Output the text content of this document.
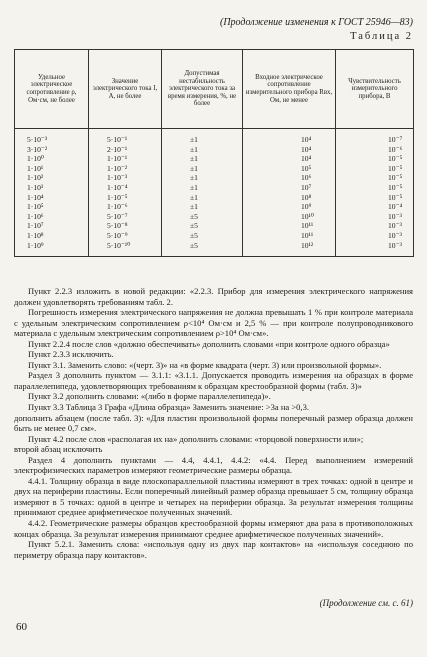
(Продолжение изменения к ГОСТ 25946—83)
Таблица 2
Удельное электрическое сопротивление ρ, Ом·см, не более	Значение электрического тока I, А, не более	Допустимая нестабильность электрического тока за время измерения, %, не более	Входное электрическое сопротивление измерительного прибора Rвх, Ом, не менее	Чувствительность измерительного прибора, В
5·10⁻³	5·10⁻¹	±1	10⁴	10⁻⁷
3·10⁻²	2·10⁻¹	±1	10⁴	10⁻⁶
1·10⁰	1·10⁻¹	±1	10⁴	10⁻⁵
1·10¹	1·10⁻²	±1	10⁵	10⁻⁵
1·10²	1·10⁻³	±1	10⁶	10⁻⁵
1·10³	1·10⁻⁴	±1	10⁷	10⁻⁵
1·10⁴	1·10⁻⁵	±1	10⁸	10⁻⁵
1·10⁵	1·10⁻⁶	±1	10⁹	10⁻⁴
1·10⁶	5·10⁻⁷	±5	10¹⁰	10⁻³
1·10⁷	5·10⁻⁸	±5	10¹¹	10⁻³
1·10⁸	5·10⁻⁹	±5	10¹¹	10⁻³
1·10⁹	5·10⁻¹⁰	±5	10¹²	10⁻³

Пункт 2.2.3 изложить в новой редакции: «2.2.3. Прибор для измерения электрического напряжения должен удовлетворять требованиям табл. 2.

Погрешность измерения электрического напряжения не должна превышать 1 % при контроле материала с удельным электрическим сопротивлением ρ<10⁴ Ом·см и 2,5 % — при контроле полупроводникового материала с удельным электрическим сопротивлением ρ>10⁴ Ом·см».

Пункт 2.2.4 после слов «должно обеспечивать» дополнить словами «при контроле одного образца»

Пункт 2.3.3 исключить.

Пункт 3.1. Заменить слово: «(черт. 3)» на «в форме квадрата (черт. 3) или произвольной формы».

Раздел 3 дополнить пунктом — 3.1.1: «3.1.1. Допускается проводить измерения на образцах в форме параллелепипеда, удовлетворяющих требованиям к образцам крестообразной формы (табл. 3)»

Пункт 3.2 дополнить словами: «(либо в форме параллелепипеда)».

Пункт 3.3 Таблица 3 Графа «Длина образца» Заменить значение: >3a на >0,3.

дополнить абзацем (после табл. 3): «Для пластин произвольной формы поперечный размер образца должен быть не менее 0,7 см».

Пункт 4.2 после слов «располагая их на» дополнить словами: «торцовой поверхности или»;

второй абзац исключить

Раздел 4 дополнить пунктами — 4.4, 4.4.1, 4.4.2: «4.4. Перед выполнением измерений электрофизических параметров измеряют геометрические размеры образца.

4.4.1. Толщину образца в виде плоскопараллельной пластины измеряют в трех точках: одной в центре и двух на периферии пластины. Если поперечный линейный размер образца превышает 5 см, толщину образца измеряют в 5 точках: одной в центре и четырех на периферии образца. За результат измерения толщины принимают среднее арифметическое полученных значений.

4.4.2. Геометрические размеры образцов крестообразной формы измеряют два раза в противоположных концах образца. За результат измерения принимают среднее арифметическое полученных значений».

Пункт 5.2.1. Заменить слова: «используя одну из двух пар контактов» на «используя соседнюю по периметру образца пару контактов».

(Продолжение см. с. 61)
60
